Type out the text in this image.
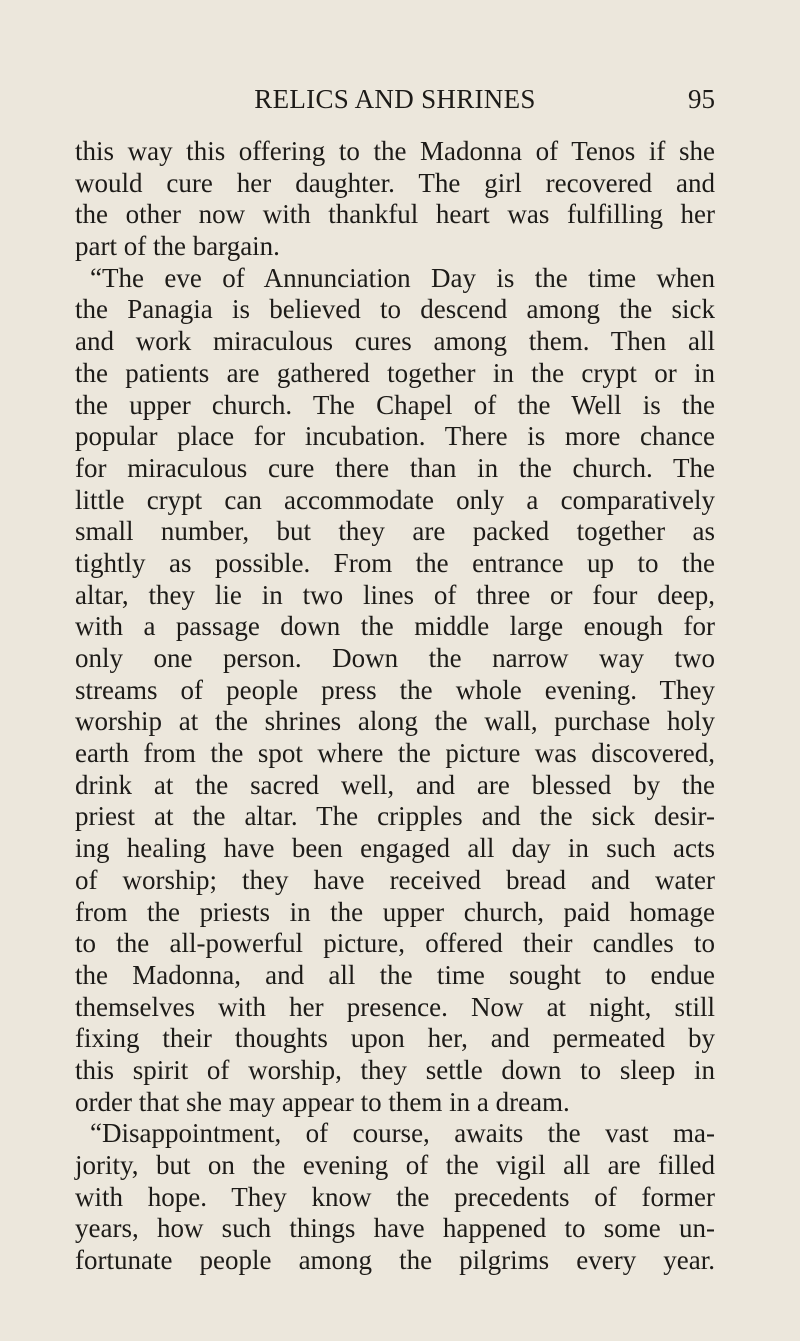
RELICS AND SHRINES	95
this way this offering to the Madonna of Tenos if she
would cure her daughter. The girl recovered and
the other now with thankful heart was fulfilling her
part of the bargain.
“The eve of Annunciation Day is the time when
the Panagia is believed to descend among the sick
and work miraculous cures among them. Then all
the patients are gathered together in the crypt or in
the upper church. The Chapel of the Well is the
popular place for incubation. There is more chance
for miraculous cure there than in the church. The
little crypt can accommodate only a comparatively
small number, but they are packed together as
tightly as possible. From the entrance up to the
altar, they lie in two lines of three or four deep,
with a passage down the middle large enough for
only one person. Down the narrow way two
streams of people press the whole evening. They
worship at the shrines along the wall, purchase holy
earth from the spot where the picture was discovered,
drink at the sacred well, and are blessed by the
priest at the altar. The cripples and the sick desir-
ing healing have been engaged all day in such acts
of worship; they have received bread and water
from the priests in the upper church, paid homage
to the all-powerful picture, offered their candles to
the Madonna, and all the time sought to endue
themselves with her presence. Now at night, still
fixing their thoughts upon her, and permeated by
this spirit of worship, they settle down to sleep in
order that she may appear to them in a dream.
“Disappointment, of course, awaits the vast ma-
jority, but on the evening of the vigil all are filled
with hope. They know the precedents of former
years, how such things have happened to some un-
fortunate people among the pilgrims every year.
